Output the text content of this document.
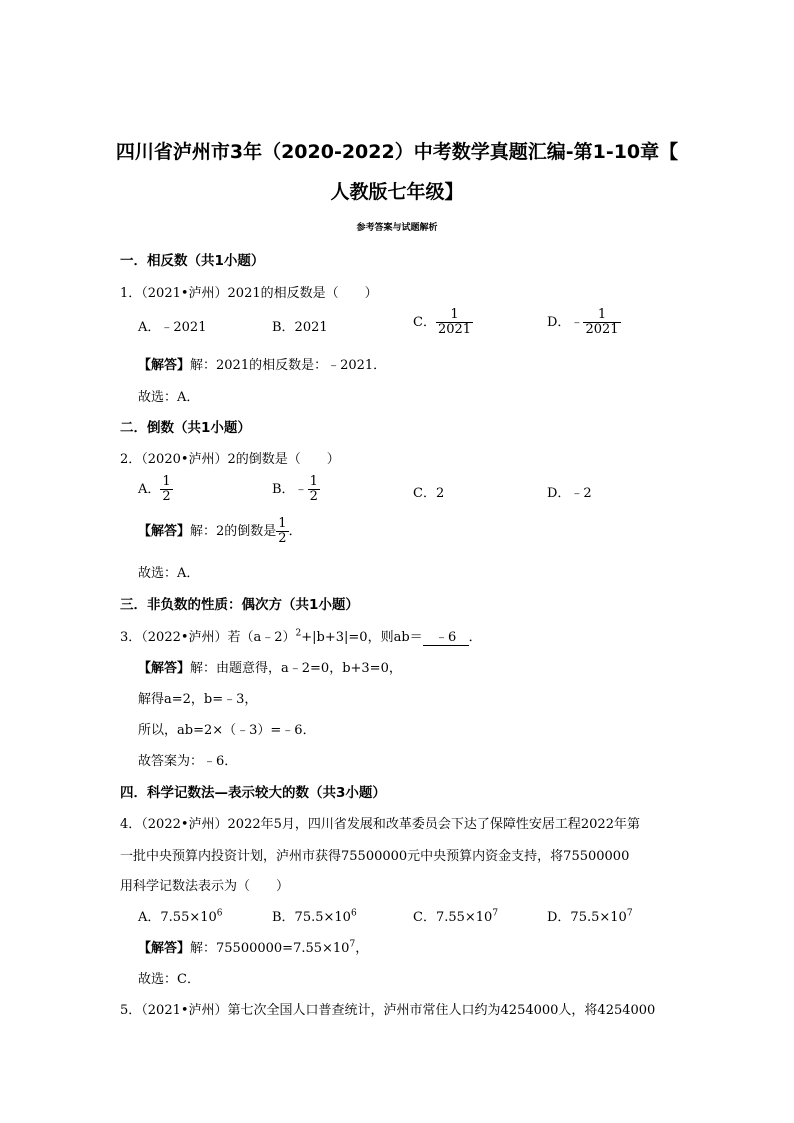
四川省泸州市3年（2020-2022）中考数学真题汇编-第1-10章【
人教版七年级】
参考答案与试题解析
一．相反数（共1小题）
1．（2021•泸州）2021的相反数是（　　）
A．﹣2021	B．2021	C． $\frac{1}{2021}$	D．﹣ $\frac{1}{2021}$
【解答】解：2021的相反数是：﹣2021．
故选：A．
二．倒数（共1小题）
2．（2020•泸州）2的倒数是（　　）
A． $\frac{1}{2}$	B．﹣ $\frac{1}{2}$	C．2	D．﹣2
【解答】解：2的倒数是 $\frac{1}{2}$ ．
故选：A．
三．非负数的性质：偶次方（共1小题）
3．（2022•泸州）若（a﹣2）$^2$+|b+3|=0，则ab＝ ﹣6 ．
【解答】解：由题意得，a﹣2=0，b+3=0，
解得a=2，b=﹣3，
所以，ab=2×（﹣3）=﹣6．
故答案为：﹣6．
四．科学记数法—表示较大的数（共3小题）
4．（2022•泸州）2022年5月，四川省发展和改革委员会下达了保障性安居工程2022年第
一批中央预算内投资计划，泸州市获得75500000元中央预算内资金支持，将75500000
用科学记数法表示为（　　）
A．$7.55\times 10^6$	B．$75.5\times 10^6$	C．$7.55\times 10^7$	D．$75.5\times 10^7$
【解答】解：$75500000=7.55\times 10^7$，
故选：C．
5．（2021•泸州）第七次全国人口普查统计，泸州市常住人口约为4254000人，将4254000
